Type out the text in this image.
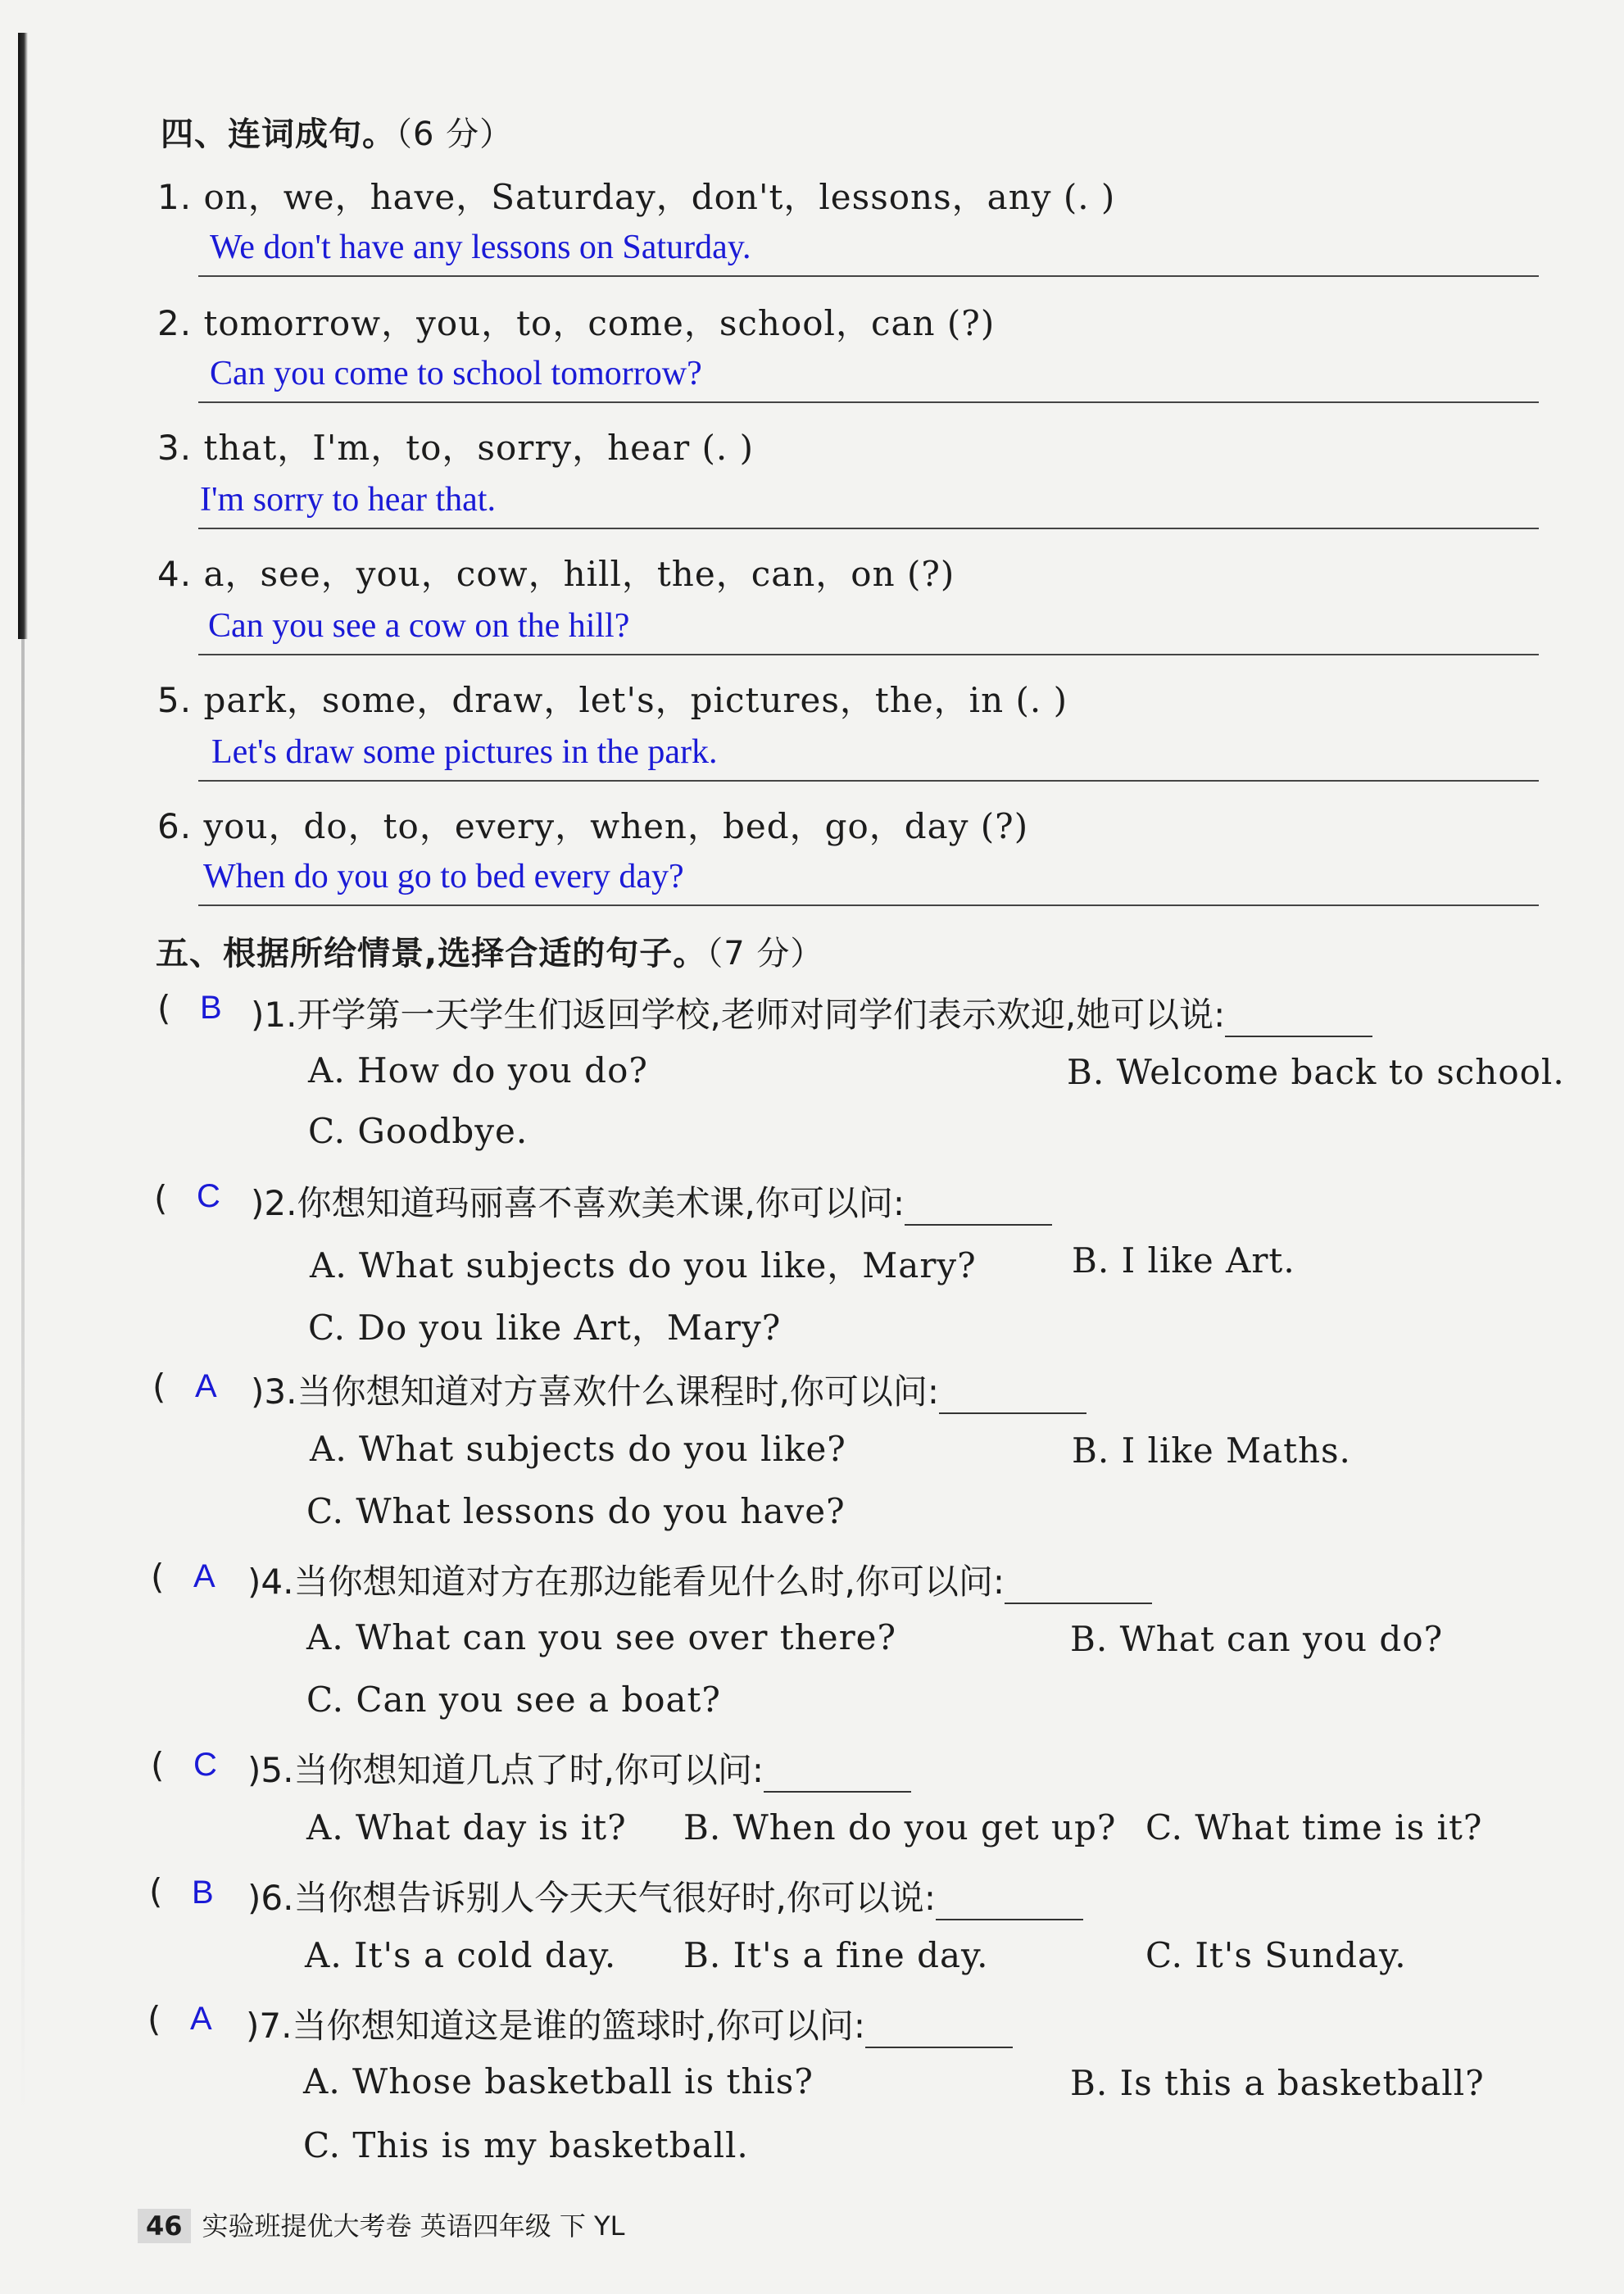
四、连词成句。（6 分）
1. on，we，have，Saturday，don't，lessons，any (. )
We don't have any lessons on Saturday.
2. tomorrow，you，to，come，school，can (?)
Can you come to school tomorrow?
3. that，I'm，to，sorry，hear (. )
I'm sorry to hear that.
4. a，see，you，cow，hill，the，can，on (?)
Can you see a cow on the hill?
5. park，some，draw，let's，pictures，the，in (. )
Let's draw some pictures in the park.
6. you，do，to，every，when，bed，go，day (?)
When do you go to bed every day?
五、根据所给情景,选择合适的句子。（7 分）
( B )1.开学第一天学生们返回学校,老师对同学们表示欢迎,她可以说:
A. How do you do?	B. Welcome back to school.
C. Goodbye.
( C )2.你想知道玛丽喜不喜欢美术课,你可以问:
A. What subjects do you like，Mary?	B. I like Art.
C. Do you like Art，Mary?
( A )3.当你想知道对方喜欢什么课程时,你可以问:
A. What subjects do you like?	B. I like Maths.
C. What lessons do you have?
( A )4.当你想知道对方在那边能看见什么时,你可以问:
A. What can you see over there?	B. What can you do?
C. Can you see a boat?
( C )5.当你想知道几点了时,你可以问:
A. What day is it? B. When do you get up? C. What time is it?
( B )6.当你想告诉别人今天天气很好时,你可以说:
A. It's a cold day. B. It's a fine day.	C. It's Sunday.
( A )7.当你想知道这是谁的篮球时,你可以问:
A. Whose basketball is this?	B. Is this a basketball?
C. This is my basketball.
46 实验班提优大考卷 英语四年级 下 YL
